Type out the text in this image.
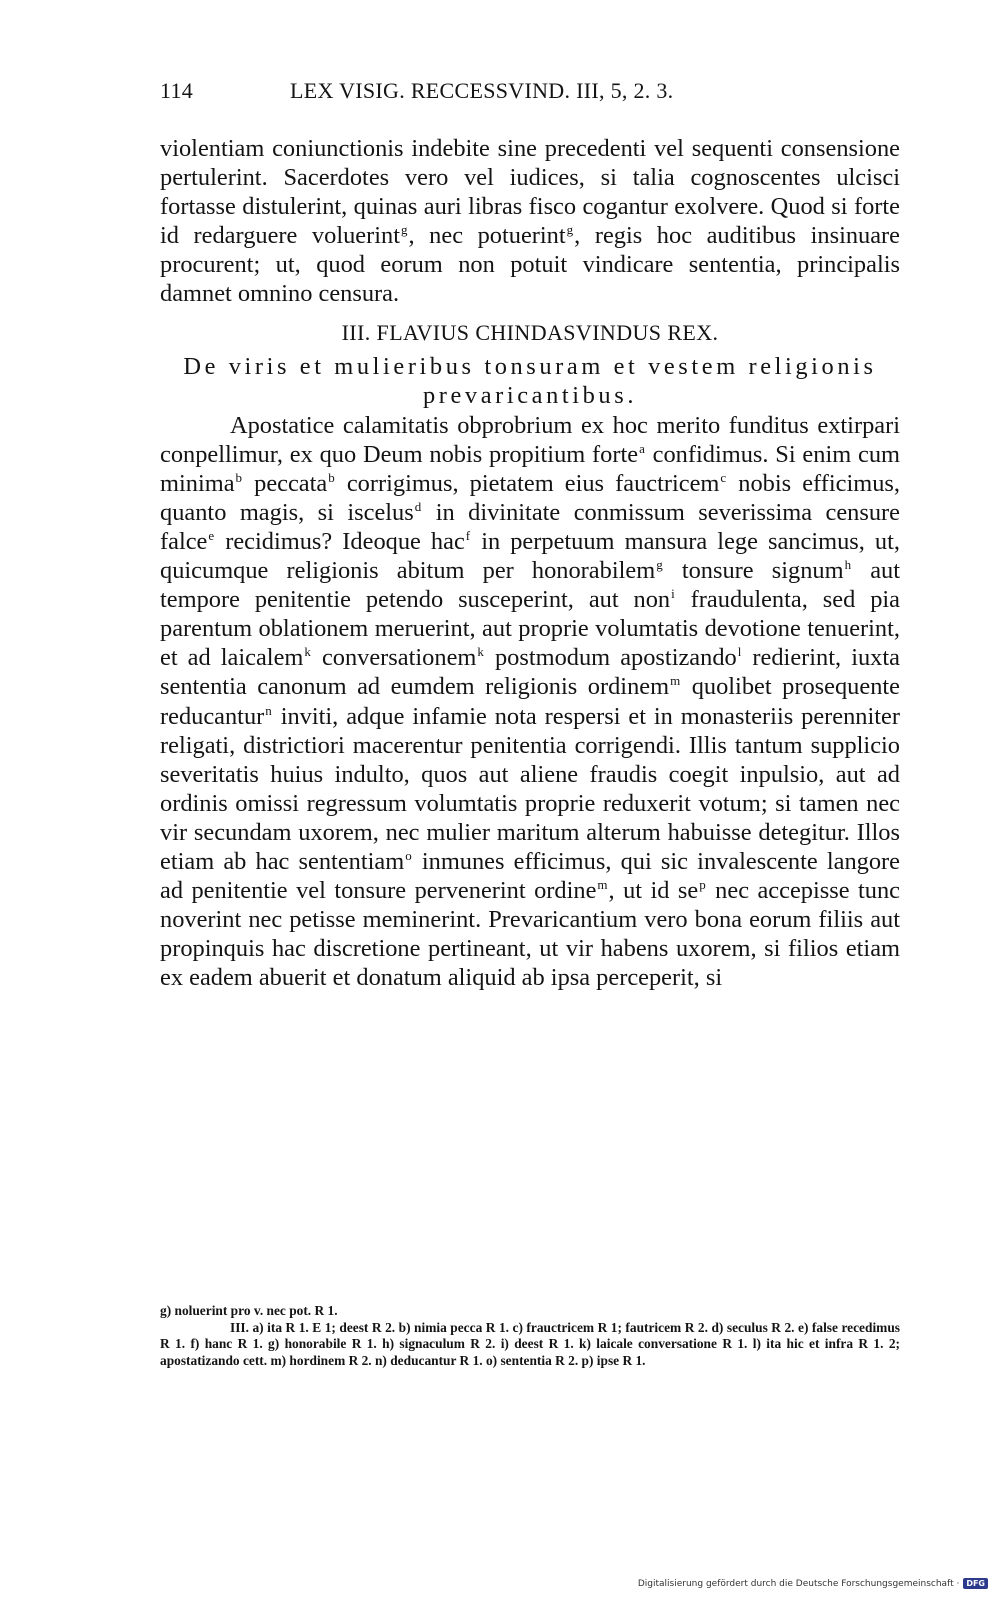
114	LEX VISIG. RECCESSVIND. III, 5, 2. 3.

violentiam coniunctionis indebite sine precedenti vel sequenti consensione pertulerint. Sacerdotes vero vel iudices, si talia cognoscentes ulcisci fortasse distulerint, quinas auri libras fisco cogantur exolvere. Quod si forte id redarguere voluerint$^g$, nec potuerint$^g$, regis hoc auditibus insinuare procurent; ut, quod eorum non potuit vindicare sententia, principalis damnet omnino censura.

III. FLAVIUS CHINDASVINDUS REX.
De viris et mulieribus tonsuram et vestem religionis prevaricantibus.

Apostatice calamitatis obprobrium ex hoc merito funditus extirpari conpellimur, ex quo Deum nobis propitium forte$^a$ confidimus. Si enim cum minima$^b$ peccata$^b$ corrigimus, pietatem eius fauctricem$^c$ nobis efficimus, quanto magis, si iscelus$^d$ in divinitate conmissum severissima censure falce$^e$ recidimus? Ideoque hac$^f$ in perpetuum mansura lege sancimus, ut, quicumque religionis abitum per honorabilem$^g$ tonsure signum$^h$ aut tempore penitentie petendo susceperint, aut non$^i$ fraudulenta, sed pia parentum oblationem meruerint, aut proprie volumtatis devotione tenuerint, et ad laicalem$^k$ conversationem$^k$ postmodum apostizando$^l$ redierint, iuxta sententia canonum ad eumdem religionis ordinem$^m$ quolibet prosequente reducantur$^n$ inviti, adque infamie nota respersi et in monasteriis perenniter religati, districtiori macerentur penitentia corrigendi. Illis tantum supplicio severitatis huius indulto, quos aut aliene fraudis coegit inpulsio, aut ad ordinis omissi regressum volumtatis proprie reduxerit votum; si tamen nec vir secundam uxorem, nec mulier maritum alterum habuisse detegitur. Illos etiam ab hac sententiam$^o$ inmunes efficimus, qui sic invalescente langore ad penitentie vel tonsure pervenerint ordine$^m$, ut id $se^p$ nec accepisse tunc noverint nec petisse meminerint. Prevaricantium vero bona eorum filiis aut propinquis hac discretione pertineant, ut vir habens uxorem, si filios etiam ex eadem abuerit et donatum aliquid ab ipsa perceperit, si

g) noluerint pro v. nec pot. R 1.

III. a) ita R 1. E 1; deest R 2. b) nimia pecca R 1. c) frauctricem R 1; fautricem R 2. d) seculus R 2. e) false recedimus R 1. f) hanc R 1. g) honorabile R 1. h) signaculum R 2. i) deest R 1. k) laicale conversatione R 1. l) ita hic et infra R 1. 2; apostatizando cett. m) hordinem R 2. n) deducantur R 1. o) sententia R 2. p) ipse R 1.

Digitalisierung gefördert durch die Deutsche Forschungsgemeinschaft · DFG
